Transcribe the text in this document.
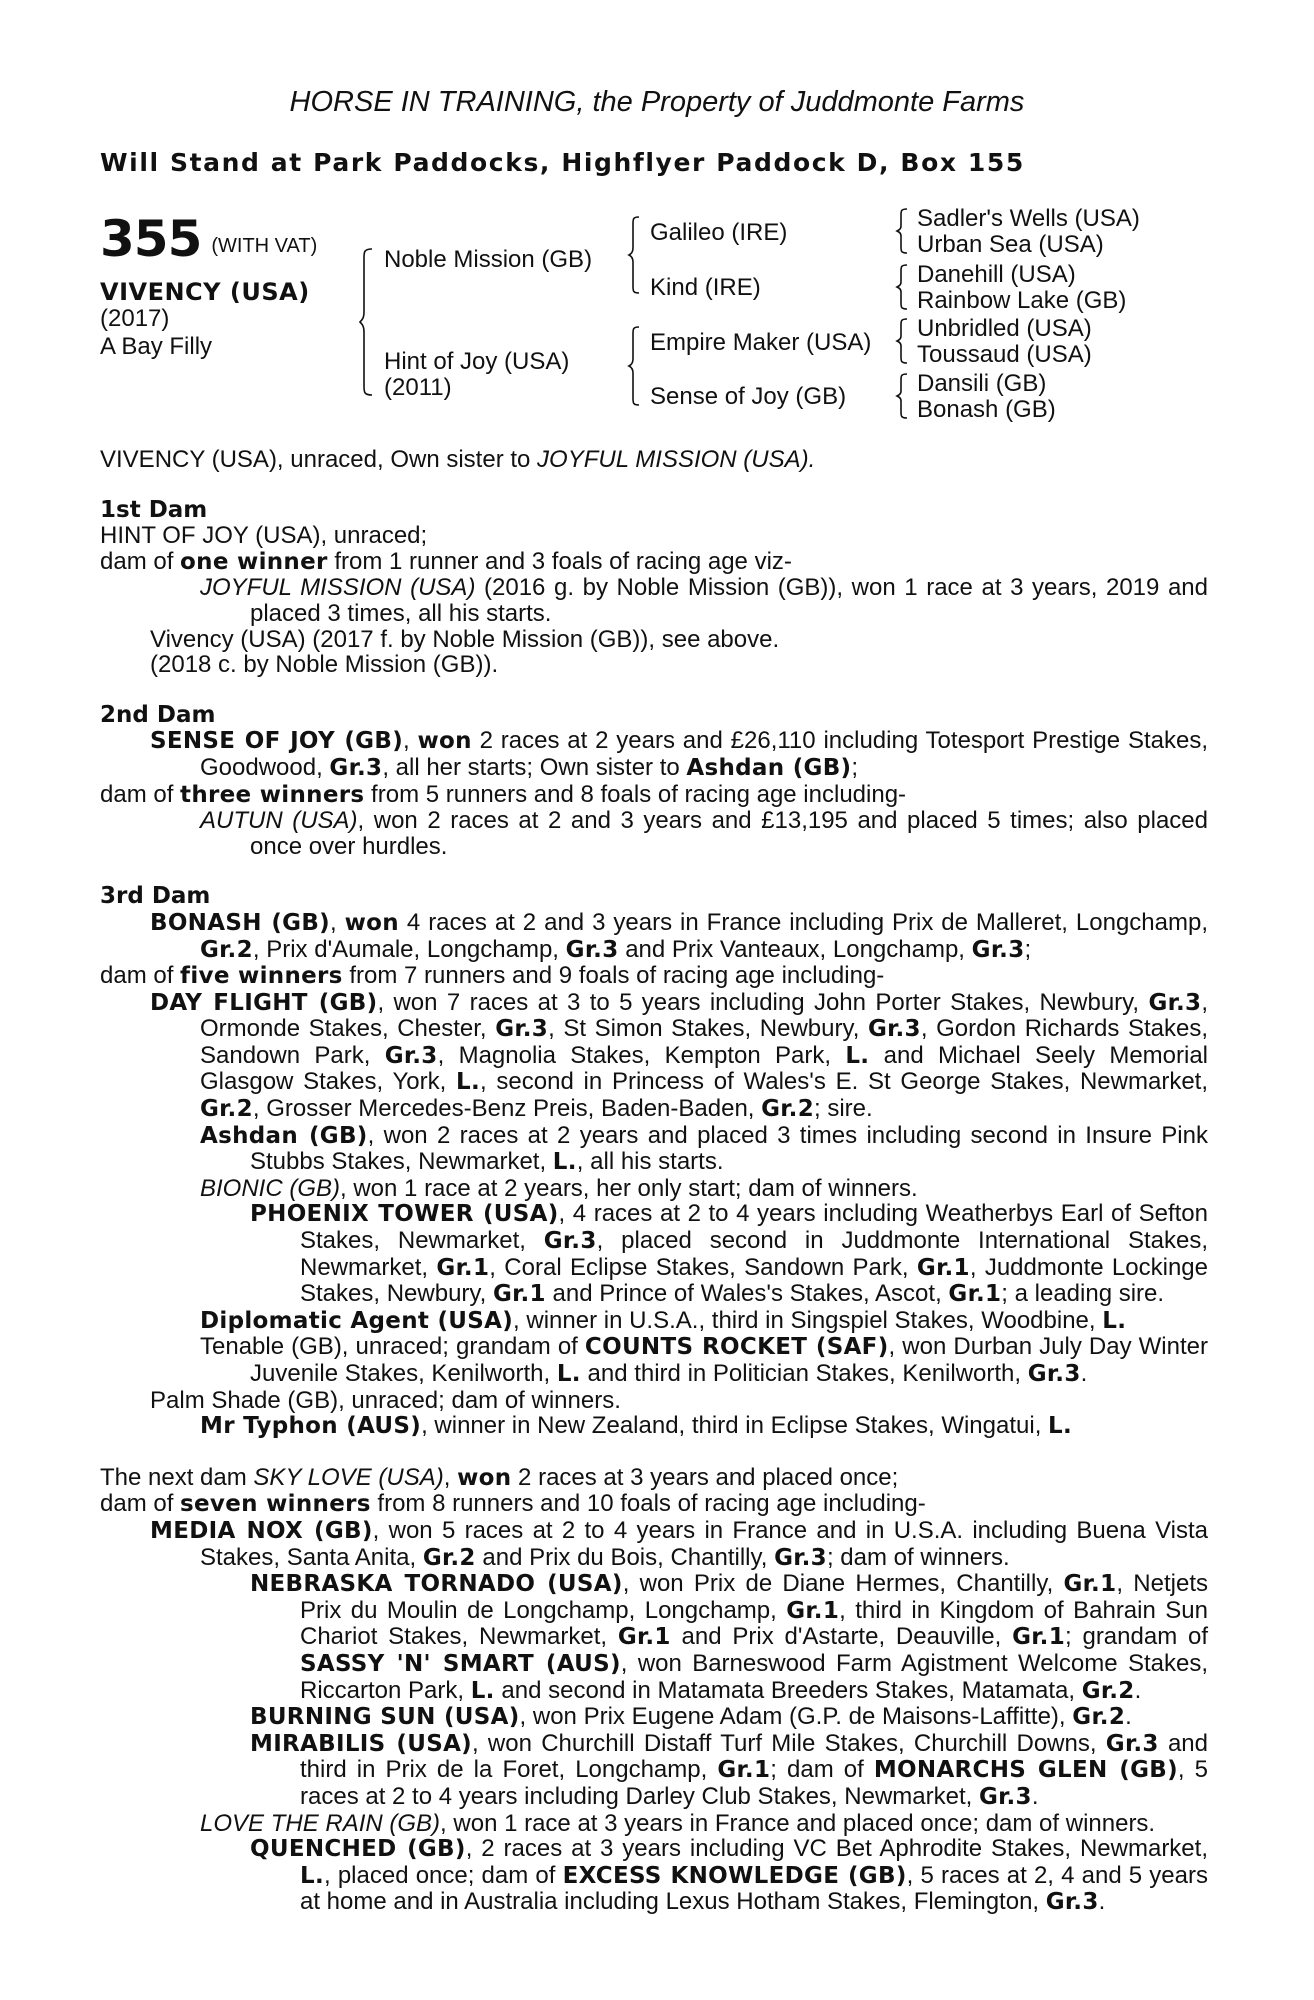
HORSE IN TRAINING, the Property of Juddmonte Farms
Will Stand at Park Paddocks, Highflyer Paddock D, Box 155
355 (WITH VAT)
VIVENCY (USA)
(2017)
A Bay Filly
Noble Mission (GB)
Hint of Joy (USA)
(2011)
Galileo (IRE)
Kind (IRE)
Empire Maker (USA)
Sense of Joy (GB)
Sadler's Wells (USA)
Urban Sea (USA)
Danehill (USA)
Rainbow Lake (GB)
Unbridled (USA)
Toussaud (USA)
Dansili (GB)
Bonash (GB)

VIVENCY (USA), unraced, Own sister to JOYFUL MISSION (USA).

1st Dam

HINT OF JOY (USA), unraced;

dam of one winner from 1 runner and 3 foals of racing age viz-

JOYFUL MISSION (USA) (2016 g. by Noble Mission (GB)), won 1 race at 3 years, 2019 and placed 3 times, all his starts.

Vivency (USA) (2017 f. by Noble Mission (GB)), see above.

(2018 c. by Noble Mission (GB)).

2nd Dam

SENSE OF JOY (GB), won 2 races at 2 years and £26,110 including Totesport Prestige Stakes, Goodwood, Gr.3, all her starts; Own sister to Ashdan (GB);

dam of three winners from 5 runners and 8 foals of racing age including-

AUTUN (USA), won 2 races at 2 and 3 years and £13,195 and placed 5 times; also placed once over hurdles.

3rd Dam

BONASH (GB), won 4 races at 2 and 3 years in France including Prix de Malleret, Longchamp, Gr.2, Prix d'Aumale, Longchamp, Gr.3 and Prix Vanteaux, Longchamp, Gr.3;

dam of five winners from 7 runners and 9 foals of racing age including-

DAY FLIGHT (GB), won 7 races at 3 to 5 years including John Porter Stakes, Newbury, Gr.3, Ormonde Stakes, Chester, Gr.3, St Simon Stakes, Newbury, Gr.3, Gordon Richards Stakes, Sandown Park, Gr.3, Magnolia Stakes, Kempton Park, L. and Michael Seely Memorial Glasgow Stakes, York, L., second in Princess of Wales's E. St George Stakes, Newmarket, Gr.2, Grosser Mercedes-Benz Preis, Baden-Baden, Gr.2; sire.

Ashdan (GB), won 2 races at 2 years and placed 3 times including second in Insure Pink Stubbs Stakes, Newmarket, L., all his starts.

BIONIC (GB), won 1 race at 2 years, her only start; dam of winners.

PHOENIX TOWER (USA), 4 races at 2 to 4 years including Weatherbys Earl of Sefton Stakes, Newmarket, Gr.3, placed second in Juddmonte International Stakes, Newmarket, Gr.1, Coral Eclipse Stakes, Sandown Park, Gr.1, Juddmonte Lockinge Stakes, Newbury, Gr.1 and Prince of Wales's Stakes, Ascot, Gr.1; a leading sire.

Diplomatic Agent (USA), winner in U.S.A., third in Singspiel Stakes, Woodbine, L.

Tenable (GB), unraced; grandam of COUNTS ROCKET (SAF), won Durban July Day Winter Juvenile Stakes, Kenilworth, L. and third in Politician Stakes, Kenilworth, Gr.3.

Palm Shade (GB), unraced; dam of winners.

Mr Typhon (AUS), winner in New Zealand, third in Eclipse Stakes, Wingatui, L.

The next dam SKY LOVE (USA), won 2 races at 3 years and placed once;

dam of seven winners from 8 runners and 10 foals of racing age including-

MEDIA NOX (GB), won 5 races at 2 to 4 years in France and in U.S.A. including Buena Vista Stakes, Santa Anita, Gr.2 and Prix du Bois, Chantilly, Gr.3; dam of winners.

NEBRASKA TORNADO (USA), won Prix de Diane Hermes, Chantilly, Gr.1, Netjets Prix du Moulin de Longchamp, Longchamp, Gr.1, third in Kingdom of Bahrain Sun Chariot Stakes, Newmarket, Gr.1 and Prix d'Astarte, Deauville, Gr.1; grandam of SASSY 'N' SMART (AUS), won Barneswood Farm Agistment Welcome Stakes, Riccarton Park, L. and second in Matamata Breeders Stakes, Matamata, Gr.2.

BURNING SUN (USA), won Prix Eugene Adam (G.P. de Maisons-Laffitte), Gr.2.

MIRABILIS (USA), won Churchill Distaff Turf Mile Stakes, Churchill Downs, Gr.3 and third in Prix de la Foret, Longchamp, Gr.1; dam of MONARCHS GLEN (GB), 5 races at 2 to 4 years including Darley Club Stakes, Newmarket, Gr.3.

LOVE THE RAIN (GB), won 1 race at 3 years in France and placed once; dam of winners.

QUENCHED (GB), 2 races at 3 years including VC Bet Aphrodite Stakes, Newmarket, L., placed once; dam of EXCESS KNOWLEDGE (GB), 5 races at 2, 4 and 5 years at home and in Australia including Lexus Hotham Stakes, Flemington, Gr.3.
